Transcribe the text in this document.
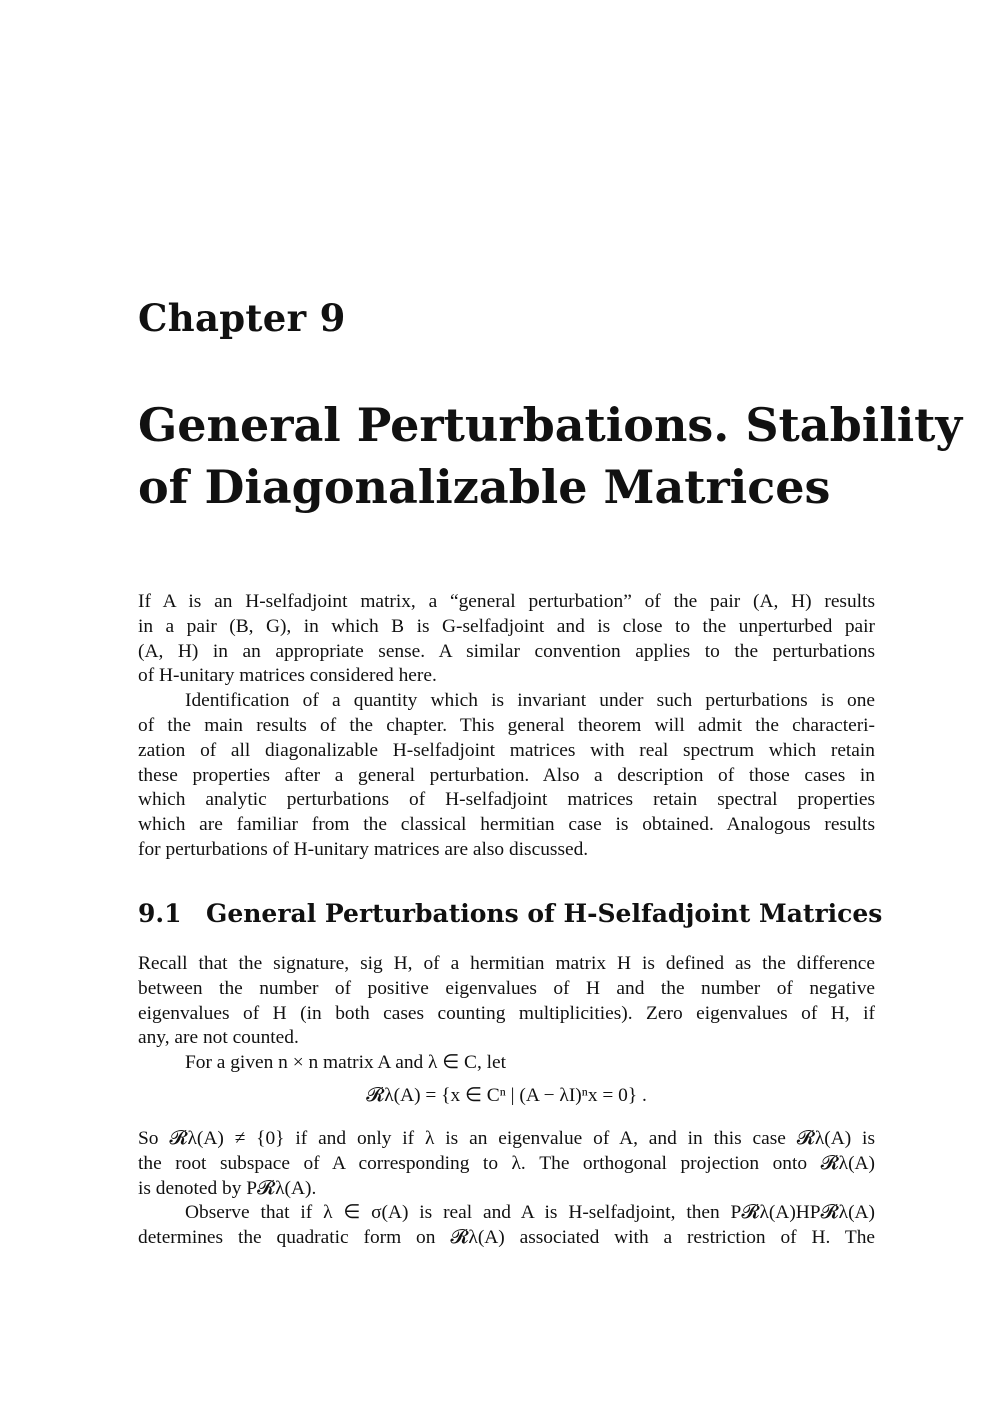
Chapter 9
General Perturbations. Stability
of Diagonalizable Matrices
If A is an H-selfadjoint matrix, a “general perturbation” of the pair (A, H) results
in a pair (B, G), in which B is G-selfadjoint and is close to the unperturbed pair
(A, H) in an appropriate sense. A similar convention applies to the perturbations
of H-unitary matrices considered here.
Identification of a quantity which is invariant under such perturbations is one
of the main results of the chapter. This general theorem will admit the characteri-
zation of all diagonalizable H-selfadjoint matrices with real spectrum which retain
these properties after a general perturbation. Also a description of those cases in
which analytic perturbations of H-selfadjoint matrices retain spectral properties
which are familiar from the classical hermitian case is obtained. Analogous results
for perturbations of H-unitary matrices are also discussed.
9.1 General Perturbations of H-Selfadjoint Matrices
Recall that the signature, sig H, of a hermitian matrix H is defined as the difference
between the number of positive eigenvalues of H and the number of negative
eigenvalues of H (in both cases counting multiplicities). Zero eigenvalues of H, if
any, are not counted.
For a given n × n matrix A and λ ∈ C, let
𝓡λ(A) = {x ∈ Cⁿ | (A − λI)ⁿx = 0} .
So 𝓡λ(A) ≠ {0} if and only if λ is an eigenvalue of A, and in this case 𝓡λ(A) is
the root subspace of A corresponding to λ. The orthogonal projection onto 𝓡λ(A)
is denoted by P𝓡λ(A).
Observe that if λ ∈ σ(A) is real and A is H-selfadjoint, then P𝓡λ(A)HP𝓡λ(A)
determines the quadratic form on 𝓡λ(A) associated with a restriction of H. The
